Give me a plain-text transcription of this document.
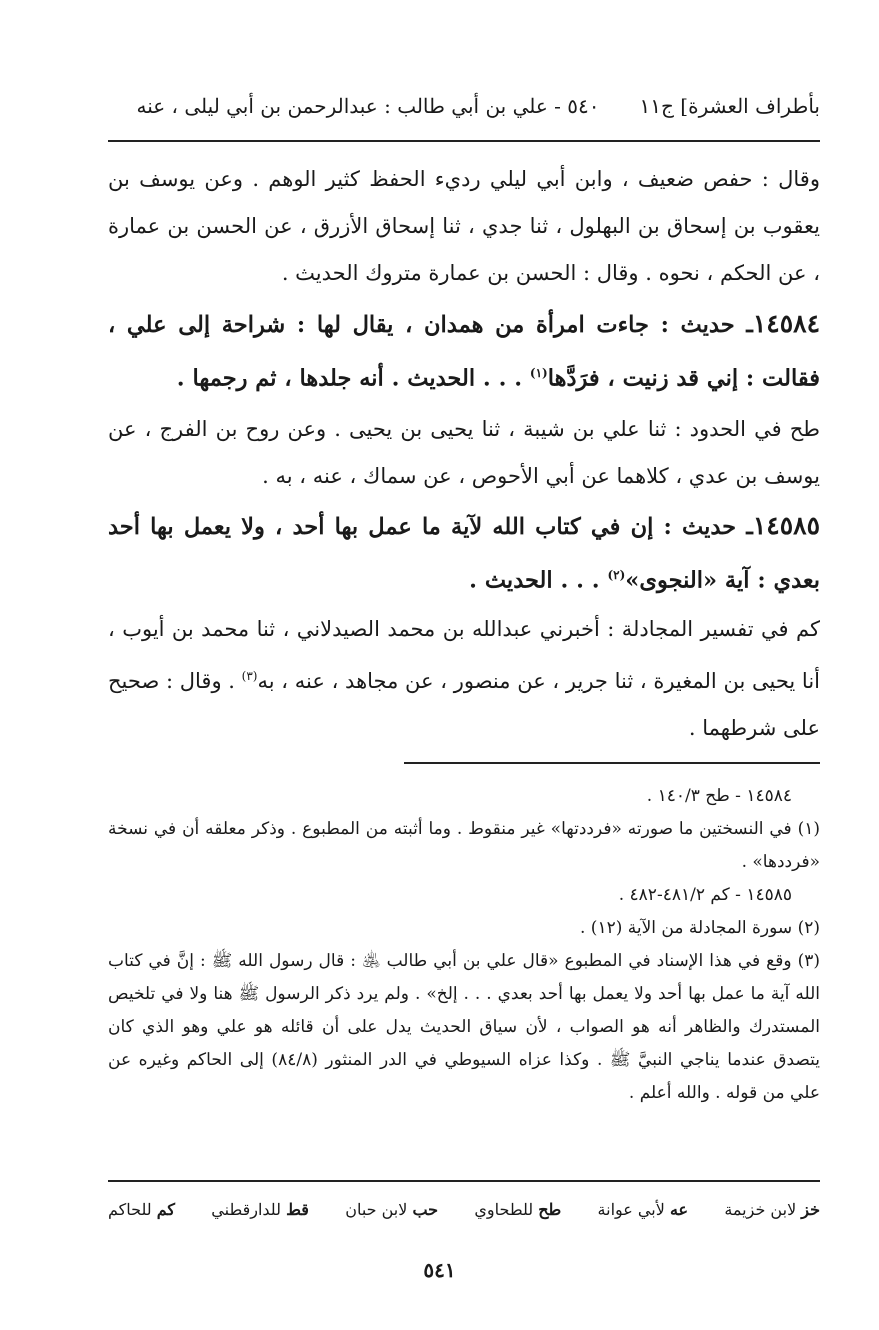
بأطراف العشرة] ج١١
٥٤٠ - علي بن أبي طالب : عبدالرحمن بن أبي ليلى ، عنه
وقال : حفص ضعيف ، وابن أبي ليلي رديء الحفظ كثير الوهم . وعن يوسف بن يعقوب بن إسحاق بن البهلول ، ثنا جدي ، ثنا إسحاق الأزرق ، عن الحسن بن عمارة ، عن الحكم ، نحوه . وقال : الحسن بن عمارة متروك الحديث .
١٤٥٨٤ـ حديث : جاءت امرأة من همدان ، يقال لها : شراحة إلى علي ، فقالت : إني قد زنيت ، فرَدَّها$^{(١)}$ . . . الحديث . أنه جلدها ، ثم رجمها .
طح في الحدود : ثنا علي بن شيبة ، ثنا يحيى بن يحيى . وعن روح بن الفرج ، عن يوسف بن عدي ، كلاهما عن أبي الأحوص ، عن سماك ، عنه ، به .
١٤٥٨٥ـ حديث : إن في كتاب الله لآية ما عمل بها أحد ، ولا يعمل بها أحد بعدي : آية «النجوى»$^{(٢)}$ . . . الحديث .
كم في تفسير المجادلة : أخبرني عبدالله بن محمد الصيدلاني ، ثنا محمد بن أيوب ، أنا يحيى بن المغيرة ، ثنا جرير ، عن منصور ، عن مجاهد ، عنه ، به$^{(٣)}$ . وقال : صحيح على شرطهما .
١٤٥٨٤ - طح ١٤٠/٣ .
(١) في النسختين ما صورته «فرددتها» غير منقوط . وما أثبته من المطبوع . وذكر معلقه أن في نسخة «فرددها» .
١٤٥٨٥ - كم ٤٨١/٢-٤٨٢ .
(٢) سورة المجادلة من الآية (١٢) .
(٣) وقع في هذا الإسناد في المطبوع «قال علي بن أبي طالب ﵁ : قال رسول الله ﷺ : إنَّ في كتاب الله آية ما عمل بها أحد ولا يعمل بها أحد بعدي . . . إلخ» . ولم يرد ذكر الرسول ﷺ هنا ولا في تلخيص المستدرك والظاهر أنه هو الصواب ، لأن سياق الحديث يدل على أن قائله هو علي وهو الذي كان يتصدق عندما يناجي النبيَّ ﷺ . وكذا عزاه السيوطي في الدر المنثور (٨٤/٨) إلى الحاكم وغيره عن علي من قوله . والله أعلم .
خز لابن خزيمة
عه لأبي عوانة
طح للطحاوي
حب لابن حبان
قط للدارقطني
كم للحاكم
٥٤١
